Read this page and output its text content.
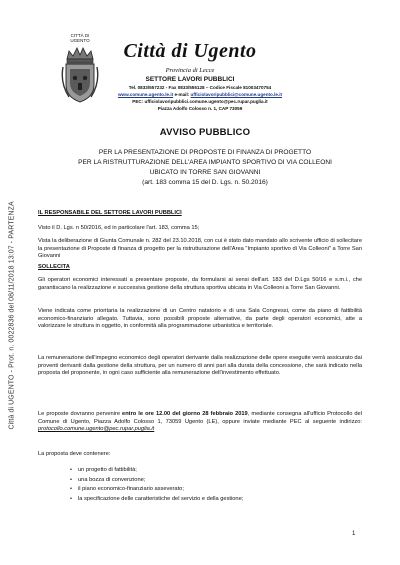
Città di UGENTO - Prot. n. 0022836 del 08/11/2018 13:07 - PARTENZA
CITTÀ DI UGENTO	Città di Ugento
Provincia di Lecce
SETTORE LAVORI PUBBLICI
Tel. 0833/557232 - Fax 0833/555128 – Codice Fiscale 81003470754
www.comune.ugento.le.it e-mail: ufficiolavoripubblici@comune.ugento.le.it
PEC: ufficiolavoripubblici.comune.ugento@pec.rupar.puglia.it
Piazza Adolfo Colosso n. 1, CAP 73059
AVVISO PUBBLICO
PER LA PRESENTAZIONE DI PROPOSTE DI FINANZA DI PROGETTO
PER LA RISTRUTTURAZIONE DELL'AREA IMPIANTO SPORTIVO DI VIA COLLEONI
UBICATO IN TORRE SAN GIOVANNI
(art. 183 comma 15 del D. Lgs. n. 50.2016)
IL RESPONSABILE DEL SETTORE LAVORI PUBBLICI
Visto il D. Lgs. n 50/2016, ed in particolare l'art. 183, comma 15;
Vista la deliberazione di Giunta Comunale n. 282 del 23.10.2018, con cui è stato dato mandato allo scrivente ufficio di sollecitare la presentazione di Proposte di finanza di progetto per la ristrutturazione dell'Area "Impianto sportivo di Via Colleoni" a Torre San Giovanni
SOLLECITA
Gli operatori economici interessati a presentare proposte, da formularsi ai sensi dell'art. 183 del D.Lgs 50/16 e s.m.i., che garantiscano la realizzazione e successiva gestione della struttura sportiva ubicata in Via Colleoni a Torre San Giovanni.
Viene indicata come prioritaria la realizzazione di un Centro natatorio e di una Sala Congressi, come da piano di fattibilità economico-finanziario allegato. Tuttavia, sono possibili proposte alternative, da parte degli operatori economici, atte a valorizzare le struttura in oggetto, in conformità alla programmazione urbanistica e territoriale.
La remunerazione dell'impegno economico degli operatori derivante dalla realizzazione delle opere eseguite verrà assicurato dai proventi derivanti dalla gestione della struttura, per un numero di anni pari alla durata della concessione, che sarà indicato nella proposta del proponente, in ogni caso sufficiente alla remunerazione dell'investimento effettuato.
Le proposte dovranno pervenire entro le ore 12.00 del giorno 28 febbraio 2019, mediante consegna all'ufficio Protocollo del Comune di Ugento, Piazza Adolfo Colosso 1, 73059 Ugento (LE), oppure inviate mediante PEC al seguente indirizzo: protocollo.comune.ugento@pec.rupar.puglia.it
La proposta deve contenere:
• un progetto di fattibilità;
• una bozza di convenzione;
• il piano economico-finanziario asseverato;
• la specificazione delle caratteristiche del servizio e della gestione;
1
